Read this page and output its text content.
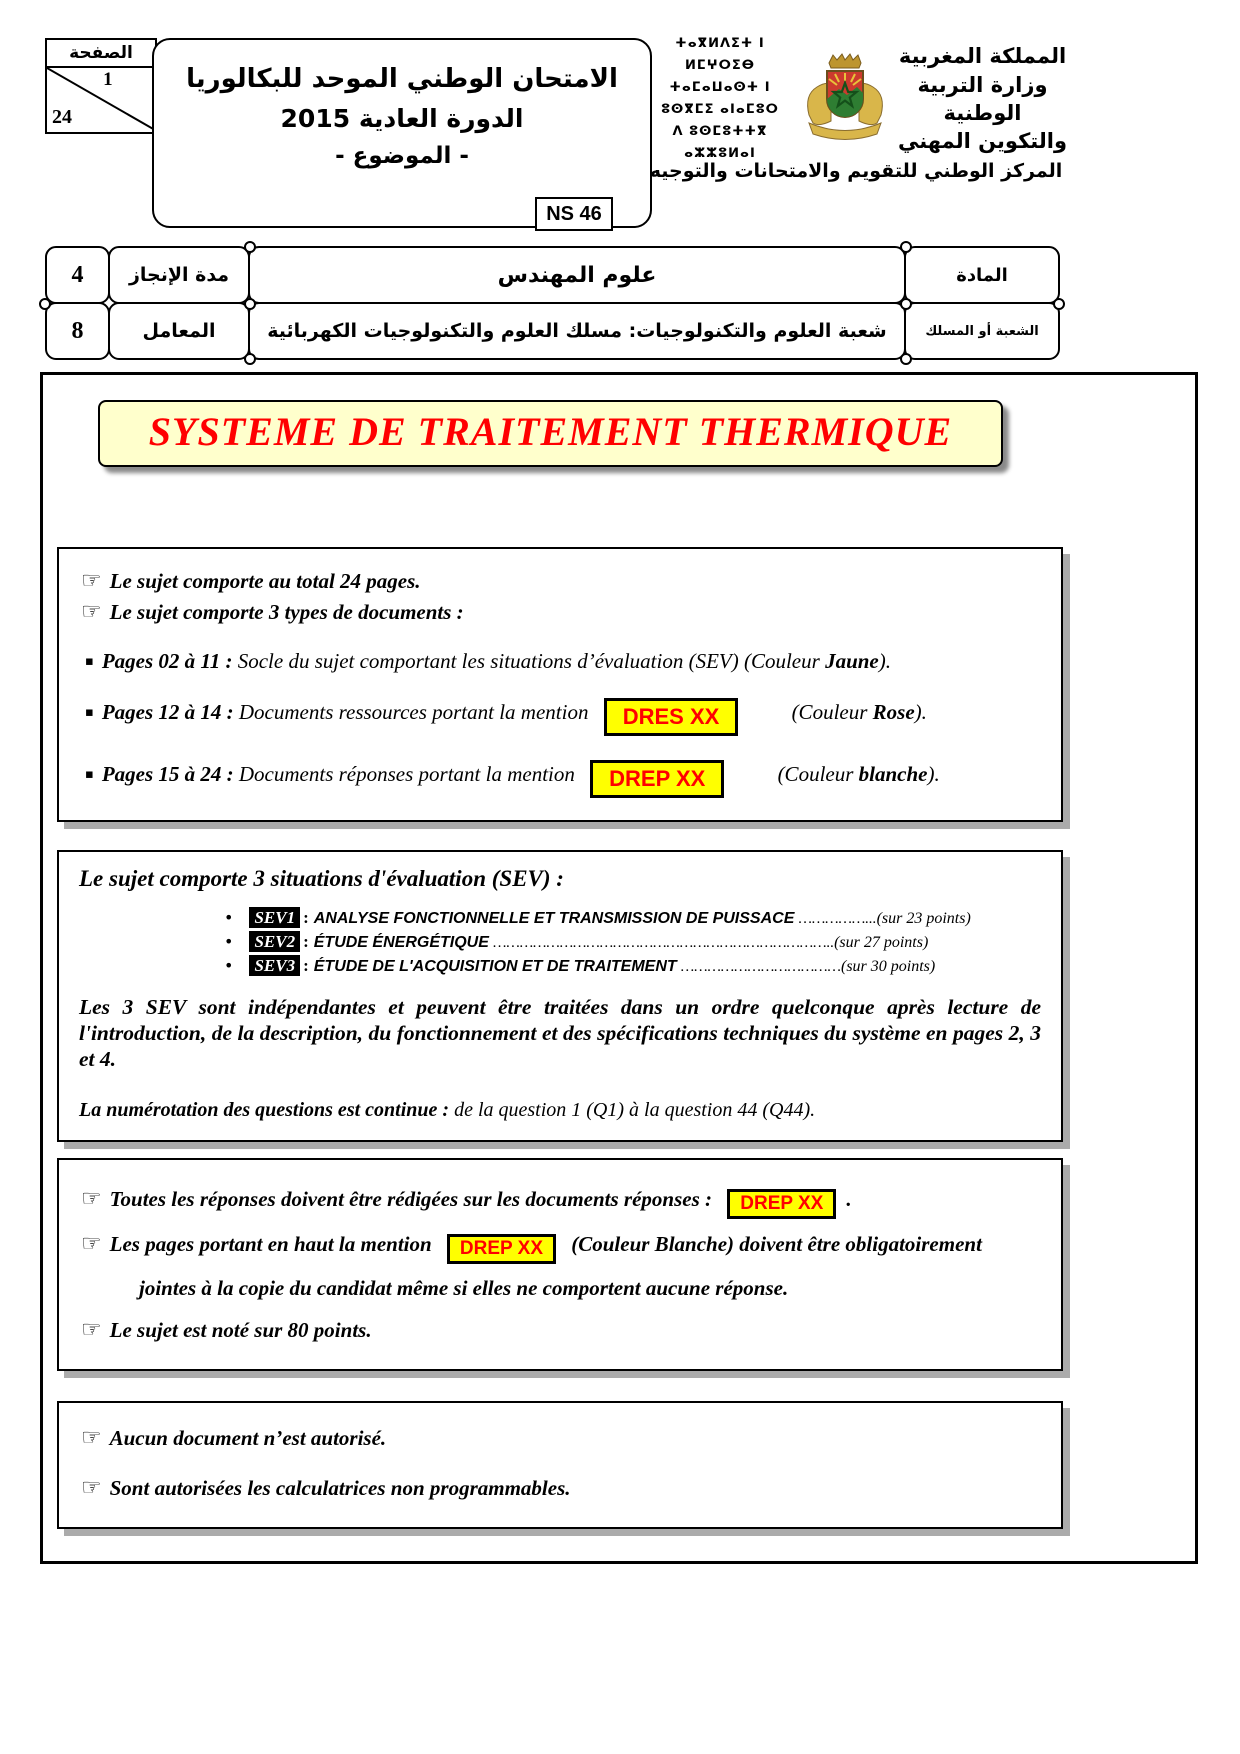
الصفحة
1
24
الامتحان الوطني الموحد للبكالوريا
الدورة العادية 2015
- الموضوع -
NS 46
ⵜⴰⴳⵍⴷⵉⵜ ⵏ ⵍⵎⵖⵔⵉⴱ
ⵜⴰⵎⴰⵡⴰⵙⵜ ⵏ ⵓⵙⴳⵎⵉ ⴰⵏⴰⵎⵓⵔ
ⴷ ⵓⵙⵎⵓⵜⵜⴳ ⴰⵣⵣⵓⵍⴰⵏ
المملكة المغربية
وزارة التربية الوطنية
والتكوين المهني
المركز الوطني للتقويم والامتحانات والتوجيه
4	مدة الإنجاز	علوم المهندس	المادة
8	المعامل	شعبة العلوم والتكنولوجيات: مسلك العلوم والتكنولوجيات الكهربائية	الشعبة أو المسلك
SYSTEME DE TRAITEMENT THERMIQUE

☞ Le sujet comporte au total 24 pages.

☞ Le sujet comporte 3 types de documents :

▪ Pages 02 à 11 : Socle du sujet comportant les situations d’évaluation (SEV) (Couleur Jaune).

▪ Pages 12 à 14 : Documents ressources portant la mention DRES XX	(Couleur Rose).

▪ Pages 15 à 24 : Documents réponses portant la mention DREP XX	(Couleur blanche).

Le sujet comporte 3 situations d'évaluation (SEV) :
• SEV1 : ANALYSE FONCTIONNELLE ET TRANSMISSION DE PUISSACE ……………...(sur 23 points)
• SEV2 : ÉTUDE ÉNERGÉTIQUE …………………………………………………………………..(sur 27 points)
• SEV3 : ÉTUDE DE L'ACQUISITION ET DE TRAITEMENT ………………………………(sur 30 points)

Les 3 SEV sont indépendantes et peuvent être traitées dans un ordre quelconque après lecture de l'introduction, de la description, du fonctionnement et des spécifications techniques du système en pages 2, 3 et 4.

La numérotation des questions est continue : de la question 1 (Q1) à la question 44 (Q44).

☞ Toutes les réponses doivent être rédigées sur les documents réponses : DREP XX .

☞ Les pages portant en haut la mention DREP XX (Couleur Blanche) doivent être obligatoirement

jointes à la copie du candidat même si elles ne comportent aucune réponse.

☞ Le sujet est noté sur 80 points.

☞ Aucun document n’est autorisé.

☞ Sont autorisées les calculatrices non programmables.
